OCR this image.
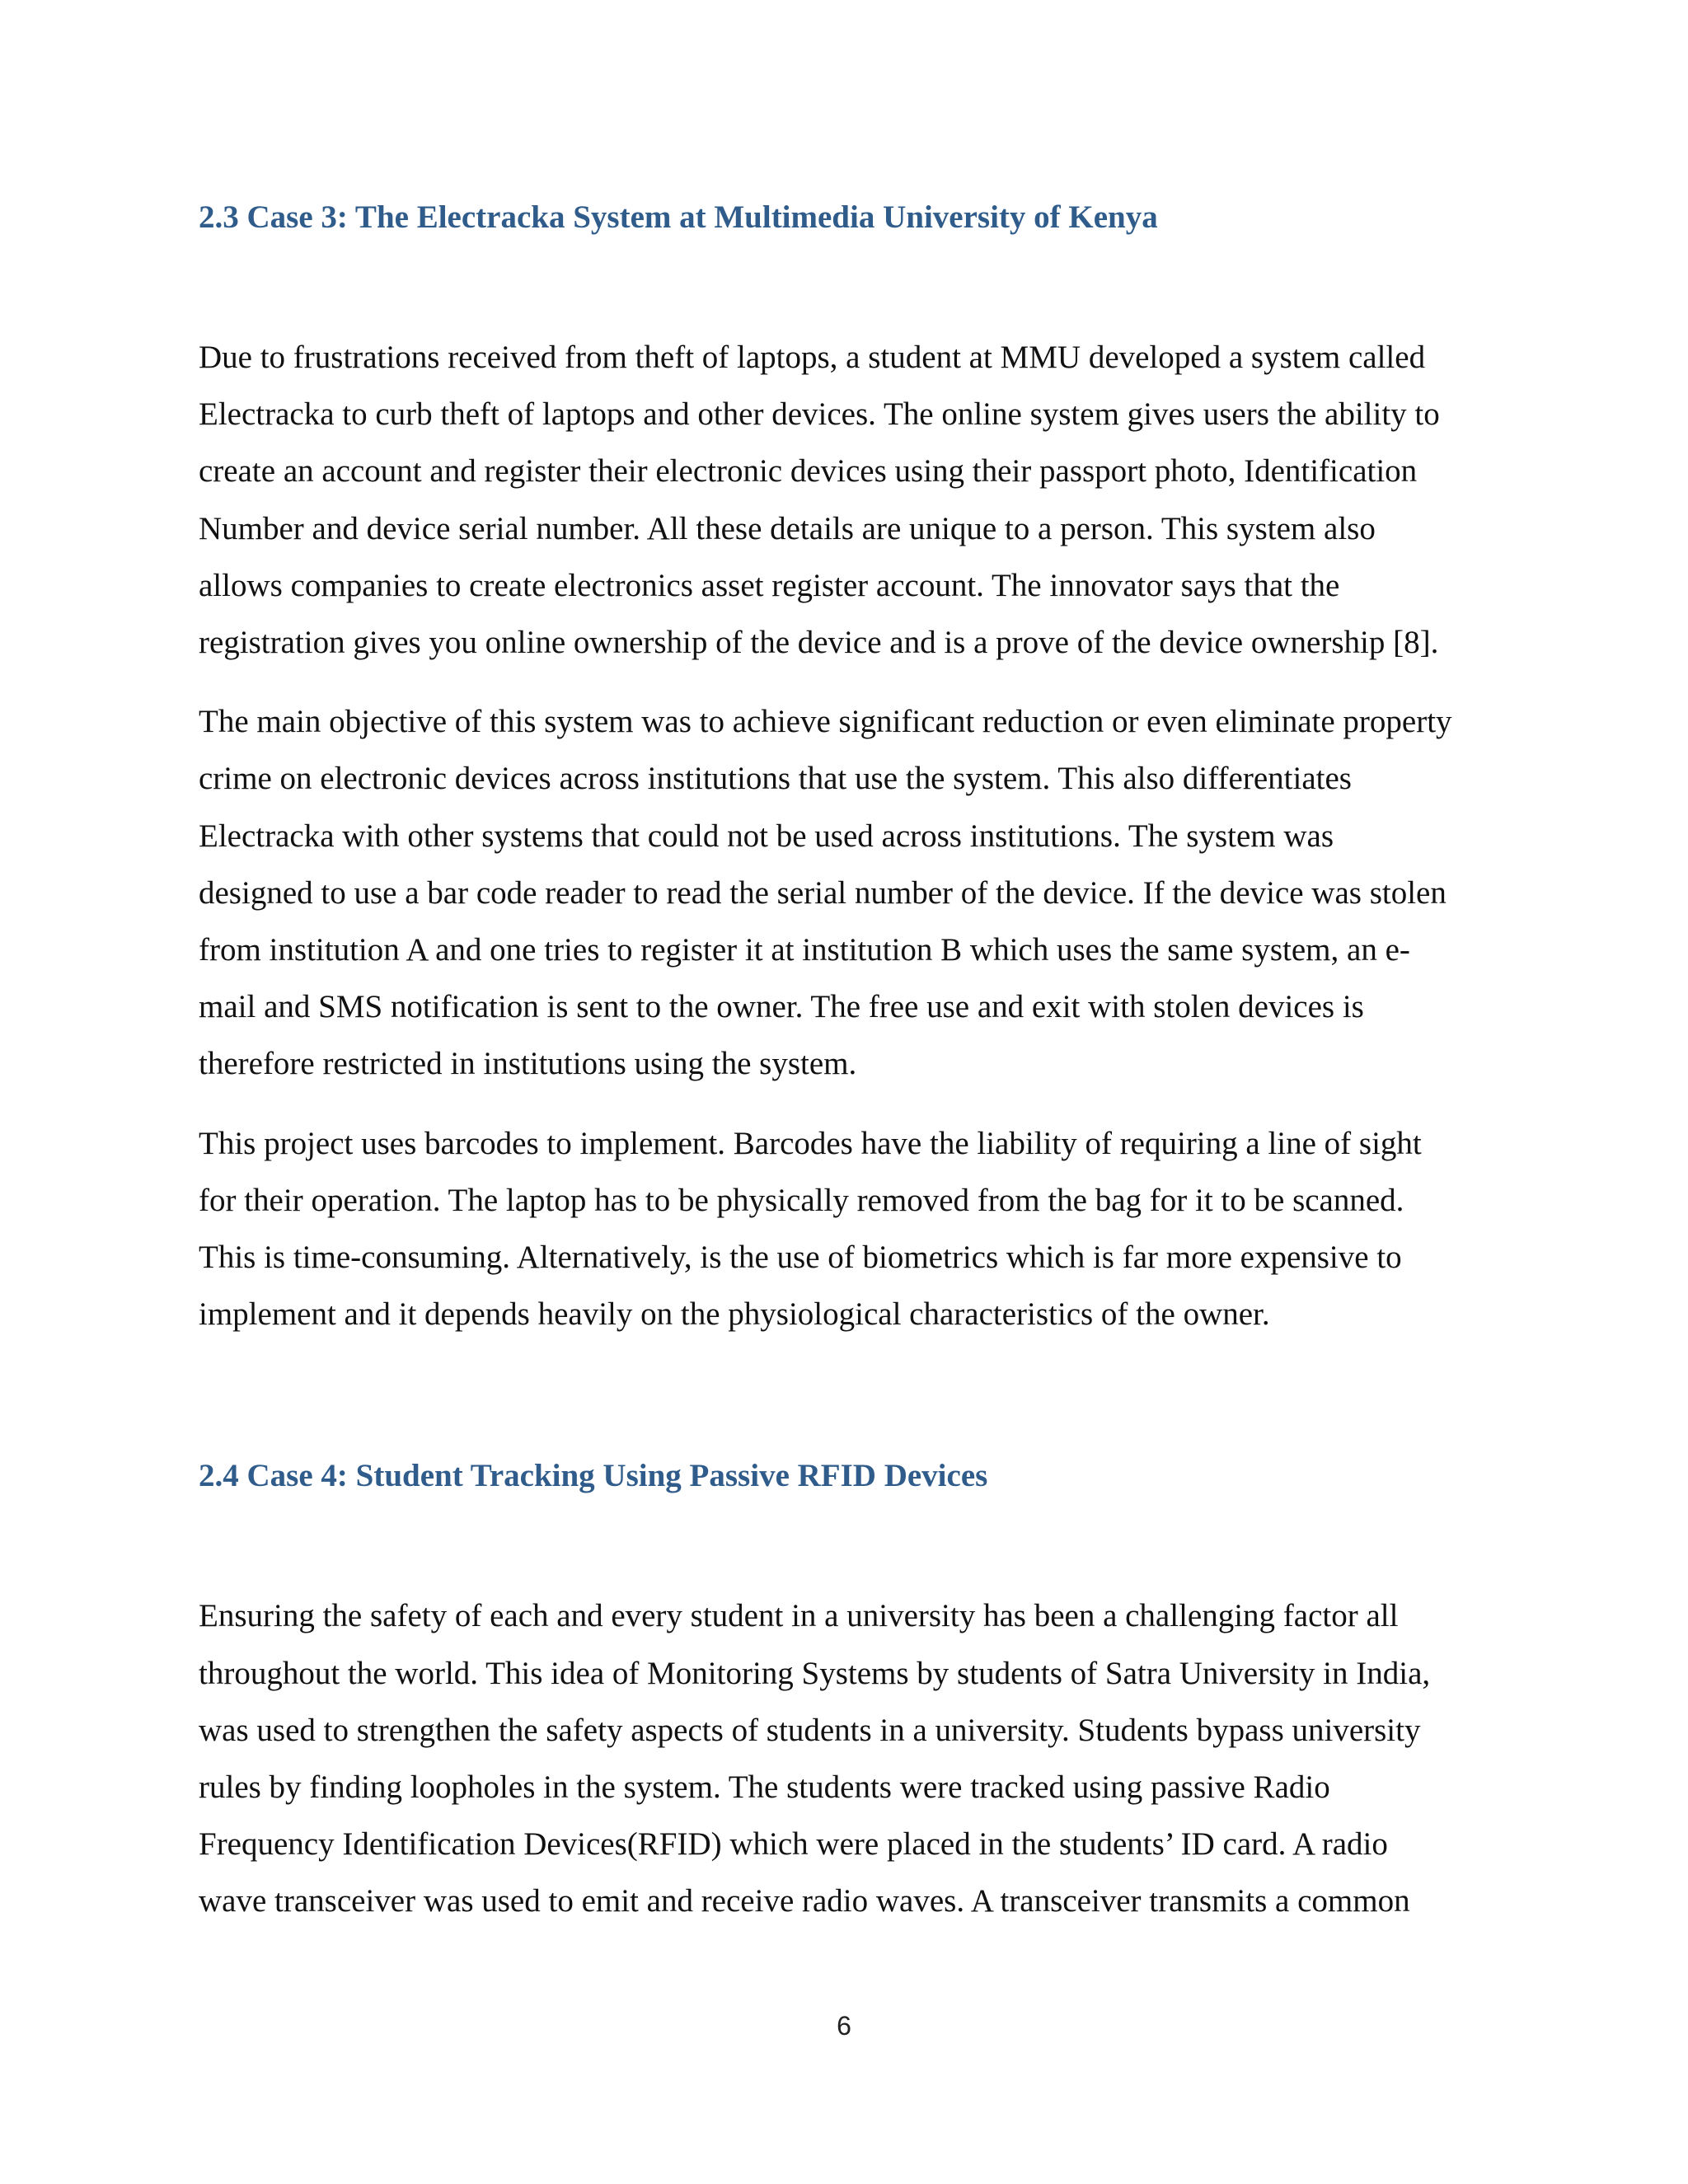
2.3 Case 3: The Electracka System at Multimedia University of Kenya

Due to frustrations received from theft of laptops, a student at MMU developed a system called
Electracka to curb theft of laptops and other devices. The online system gives users the ability to
create an account and register their electronic devices using their passport photo, Identification
Number and device serial number. All these details are unique to a person. This system also
allows companies to create electronics asset register account. The innovator says that the
registration gives you online ownership of the device and is a prove of the device ownership [8].

The main objective of this system was to achieve significant reduction or even eliminate property
crime on electronic devices across institutions that use the system. This also differentiates
Electracka with other systems that could not be used across institutions. The system was
designed to use a bar code reader to read the serial number of the device. If the device was stolen
from institution A and one tries to register it at institution B which uses the same system, an e-
mail and SMS notification is sent to the owner. The free use and exit with stolen devices is
therefore restricted in institutions using the system.

This project uses barcodes to implement. Barcodes have the liability of requiring a line of sight
for their operation. The laptop has to be physically removed from the bag for it to be scanned.
This is time-consuming. Alternatively, is the use of biometrics which is far more expensive to
implement and it depends heavily on the physiological characteristics of the owner.

2.4 Case 4: Student Tracking Using Passive RFID Devices

Ensuring the safety of each and every student in a university has been a challenging factor all
throughout the world. This idea of Monitoring Systems by students of Satra University in India,
was used to strengthen the safety aspects of students in a university. Students bypass university
rules by finding loopholes in the system. The students were tracked using passive Radio
Frequency Identification Devices(RFID) which were placed in the students’ ID card. A radio
wave transceiver was used to emit and receive radio waves. A transceiver transmits a common

6
